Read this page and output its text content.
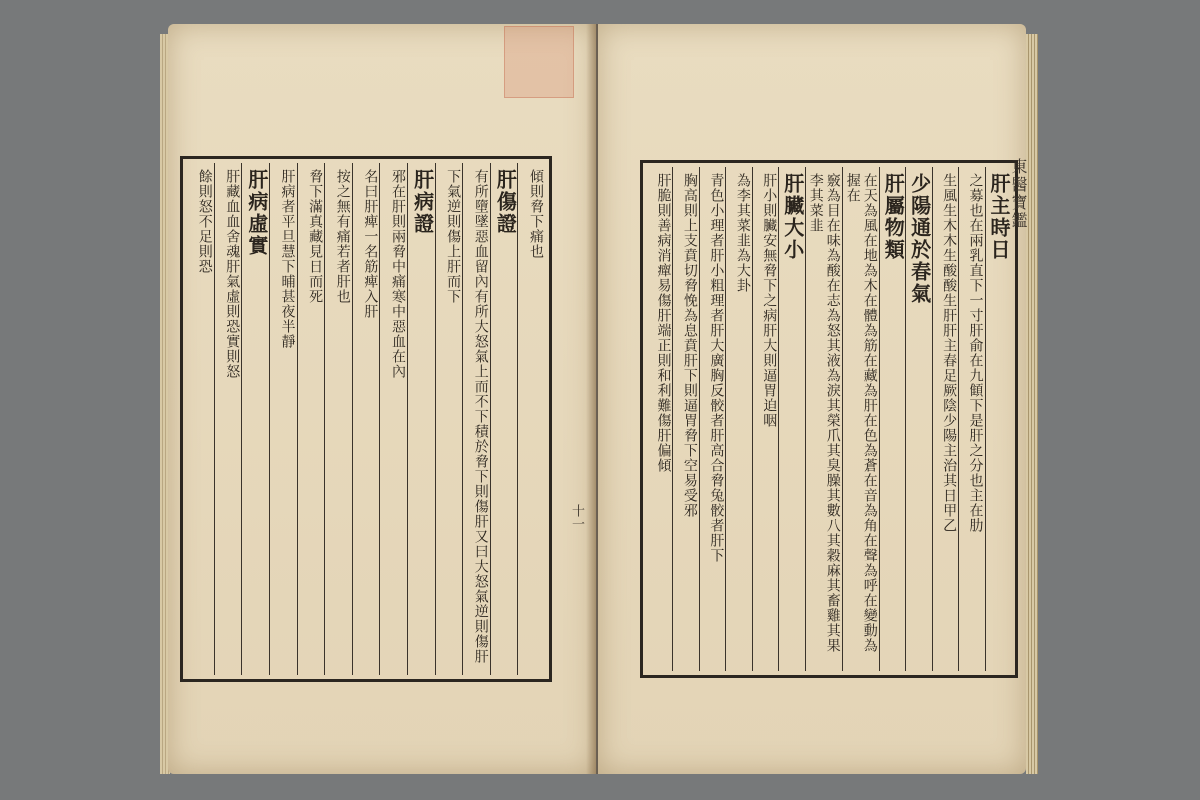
傾則脅下痛也
肝傷證
有所墮墜惡血留內有所大怒氣上而不下積於脅下則傷肝又曰大怒氣逆則傷肝
下氣逆則傷上肝而下
肝病證
邪在肝則兩脅中痛寒中惡血在內
名曰肝痺一名筋痺入肝
按之無有痛若者肝也
脅下滿真藏見日而死
肝病者平旦慧下晡甚夜半靜
肝病虛實
肝藏血血舍魂肝氣虛則恐實則怒
餘則怒不足則恐
十一
肝主時日
之募也在兩乳直下一寸肝俞在九顀下是肝之分也主在肋
生風生木木生酸酸生肝肝主春足厥陰少陽主治其日甲乙
少陽通於春氣
肝屬物類
在天為風在地為木在體為筋在藏為肝在色為蒼在音為角在聲為呼在變動為握在
竅為目在味為酸在志為怒其液為淚其榮爪其臭臊其數八其穀麻其畜雞其果李其菜韭
肝臟大小
肝小則臟安無脅下之病肝大則逼胃迫咽
為李其菜韭為大卦
青色小理者肝小粗理者肝大廣胸反骹者肝高合脅兔骹者肝下
胸高則上支賁切脅悗為息賁肝下則逼胃脅下空易受邪
肝脆則善病消癉易傷肝端正則和利難傷肝偏傾	東醫寶鑑
